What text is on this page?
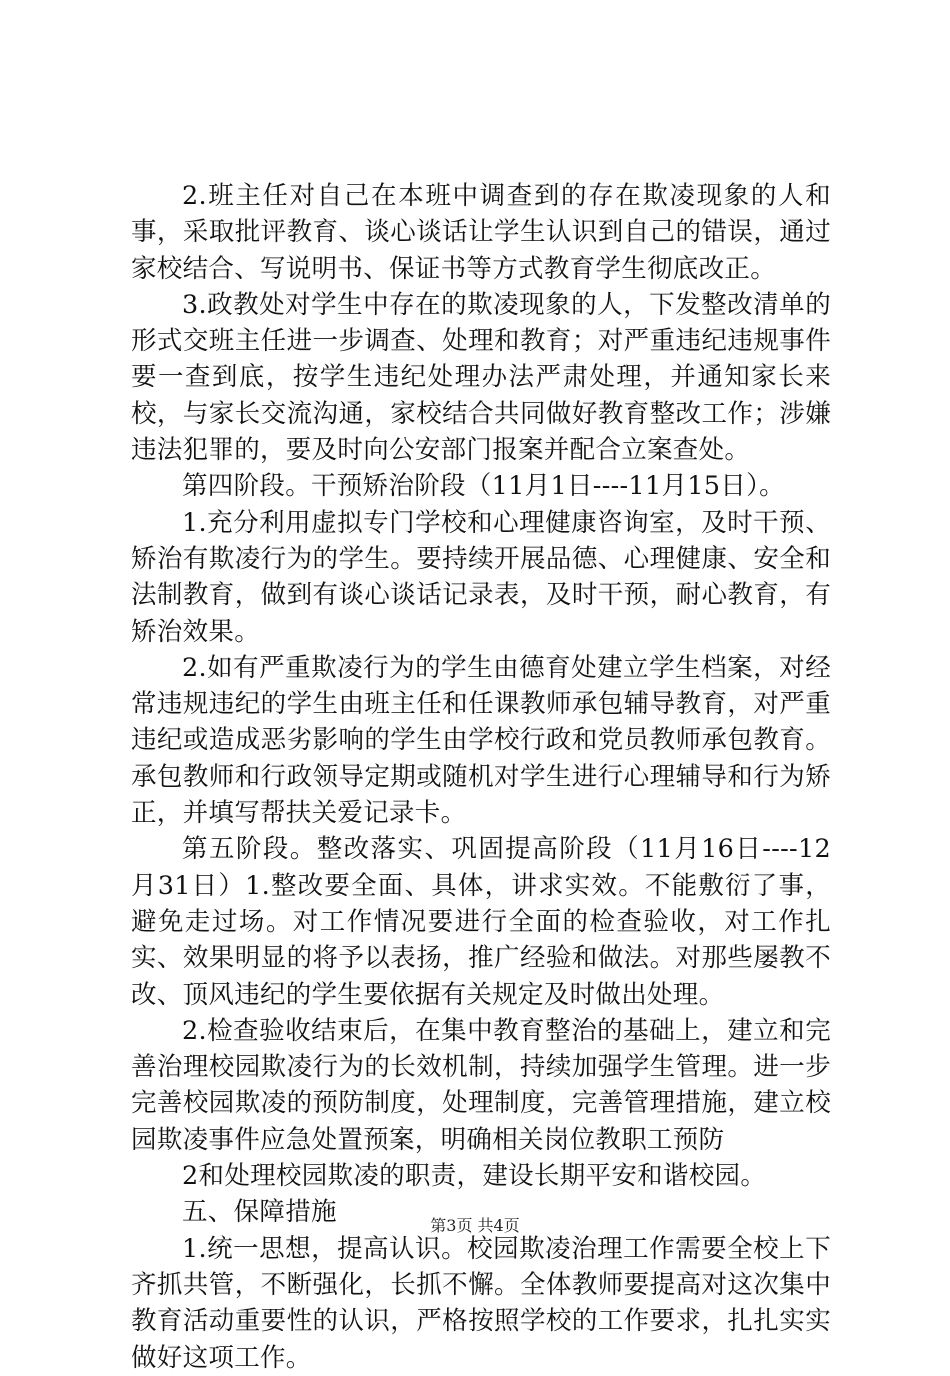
2.班主任对自己在本班中调查到的存在欺凌现象的人和事，采取批评教育、谈心谈话让学生认识到自己的错误，通过家校结合、写说明书、保证书等方式教育学生彻底改正。

3.政教处对学生中存在的欺凌现象的人，下发整改清单的形式交班主任进一步调查、处理和教育；对严重违纪违规事件要一查到底，按学生违纪处理办法严肃处理，并通知家长来校，与家长交流沟通，家校结合共同做好教育整改工作；涉嫌违法犯罪的，要及时向公安部门报案并配合立案查处。

第四阶段。干预矫治阶段（11月1日----11月15日）。

1.充分利用虚拟专门学校和心理健康咨询室，及时干预、矫治有欺凌行为的学生。要持续开展品德、心理健康、安全和法制教育，做到有谈心谈话记录表，及时干预，耐心教育，有矫治效果。

2.如有严重欺凌行为的学生由德育处建立学生档案，对经常违规违纪的学生由班主任和任课教师承包辅导教育，对严重违纪或造成恶劣影响的学生由学校行政和党员教师承包教育。承包教师和行政领导定期或随机对学生进行心理辅导和行为矫正，并填写帮扶关爱记录卡。

第五阶段。整改落实、巩固提高阶段（11月16日----12月31日）1.整改要全面、具体，讲求实效。不能敷衍了事，避免走过场。对工作情况要进行全面的检查验收，对工作扎实、效果明显的将予以表扬，推广经验和做法。对那些屡教不改、顶风违纪的学生要依据有关规定及时做出处理。

2.检查验收结束后，在集中教育整治的基础上，建立和完善治理校园欺凌行为的长效机制，持续加强学生管理。进一步完善校园欺凌的预防制度，处理制度，完善管理措施，建立校园欺凌事件应急处置预案，明确相关岗位教职工预防

2和处理校园欺凌的职责，建设长期平安和谐校园。

五、保障措施

1.统一思想，提高认识。校园欺凌治理工作需要全校上下齐抓共管，不断强化，长抓不懈。全体教师要提高对这次集中教育活动重要性的认识，严格按照学校的工作要求，扎扎实实做好这项工作。

第3页 共4页
